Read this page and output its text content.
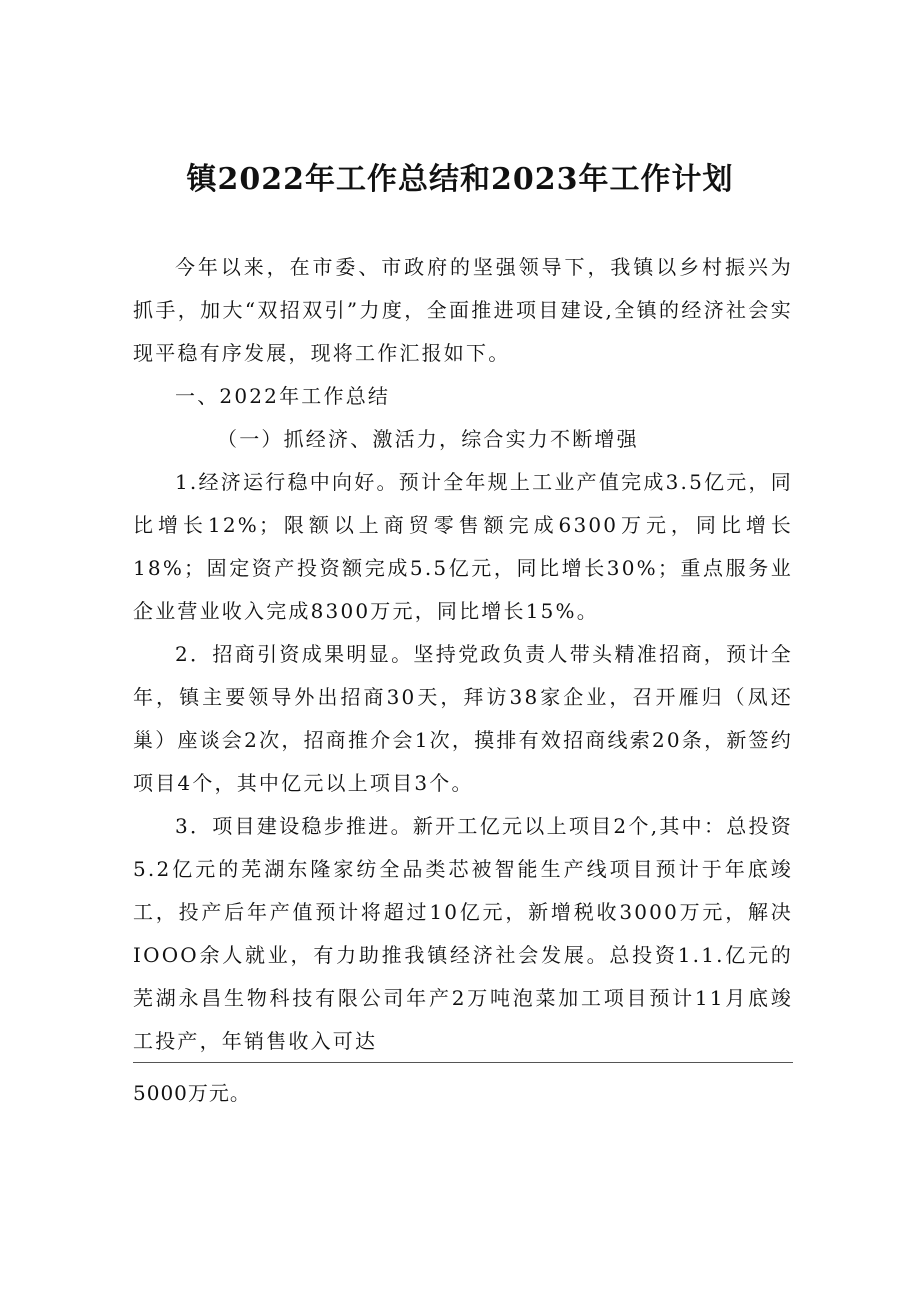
镇2022年工作总结和2023年工作计划

今年以来，在市委、市政府的坚强领导下，我镇以乡村振兴为抓手，加大“双招双引”力度，全面推进项目建设,全镇的经济社会实现平稳有序发展，现将工作汇报如下。

一、2022年工作总结

（一）抓经济、激活力，综合实力不断增强

1.经济运行稳中向好。预计全年规上工业产值完成3.5亿元，同比增长12%；限额以上商贸零售额完成6300万元，同比增长18%；固定资产投资额完成5.5亿元，同比增长30%；重点服务业企业营业收入完成8300万元，同比增长15%。

2．招商引资成果明显。坚持党政负责人带头精准招商，预计全年，镇主要领导外出招商30天，拜访38家企业，召开雁归（凤还巢）座谈会2次，招商推介会1次，摸排有效招商线索20条，新签约项目4个，其中亿元以上项目3个。

3．项目建设稳步推进。新开工亿元以上项目2个,其中：总投资5.2亿元的芜湖东隆家纺全品类芯被智能生产线项目预计于年底竣工，投产后年产值预计将超过10亿元，新增税收3000万元，解决IOOO余人就业，有力助推我镇经济社会发展。总投资1.1.亿元的芜湖永昌生物科技有限公司年产2万吨泡菜加工项目预计11月底竣工投产，年销售收入可达

5000万元。
